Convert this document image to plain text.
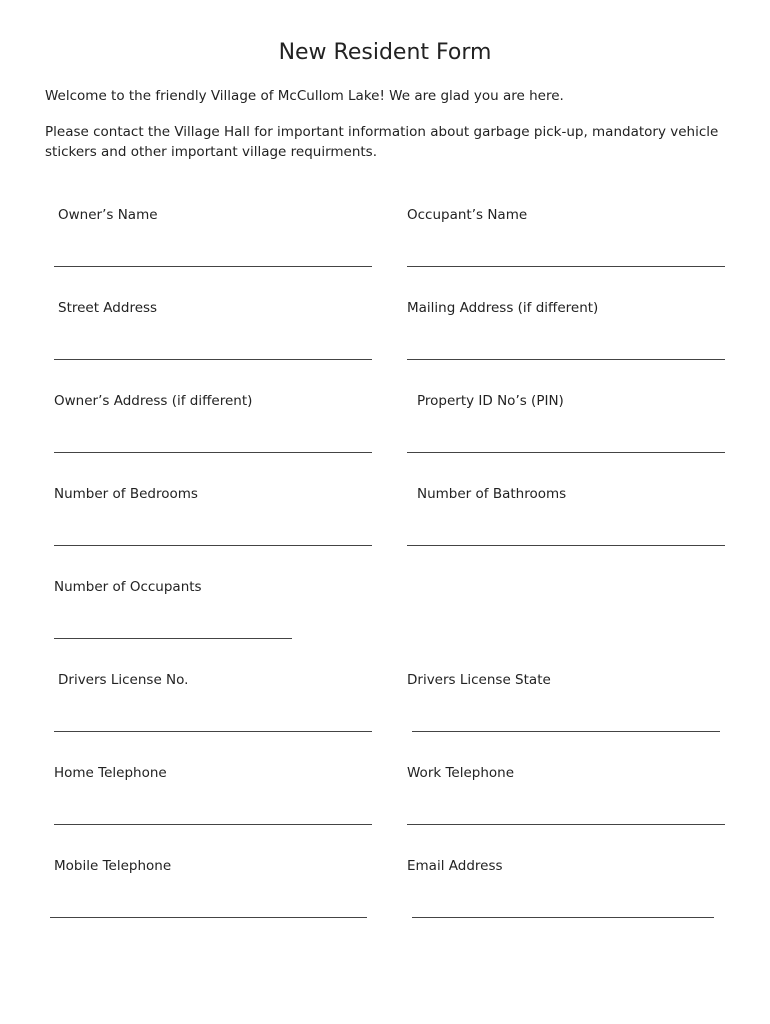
New Resident Form
Welcome to the friendly Village of McCullom Lake! We are glad you are here.
Please contact the Village Hall for important information about garbage pick-up, mandatory vehicle stickers and other important village requirments.
Owner’s Name	Occupant’s Name
Street Address	Mailing Address (if different)
Owner’s Address (if different)	Property ID No’s (PIN)
Number of Bedrooms	Number of Bathrooms
Number of Occupants
Drivers License No.	Drivers License State
Home Telephone	Work Telephone
Mobile Telephone	Email Address
